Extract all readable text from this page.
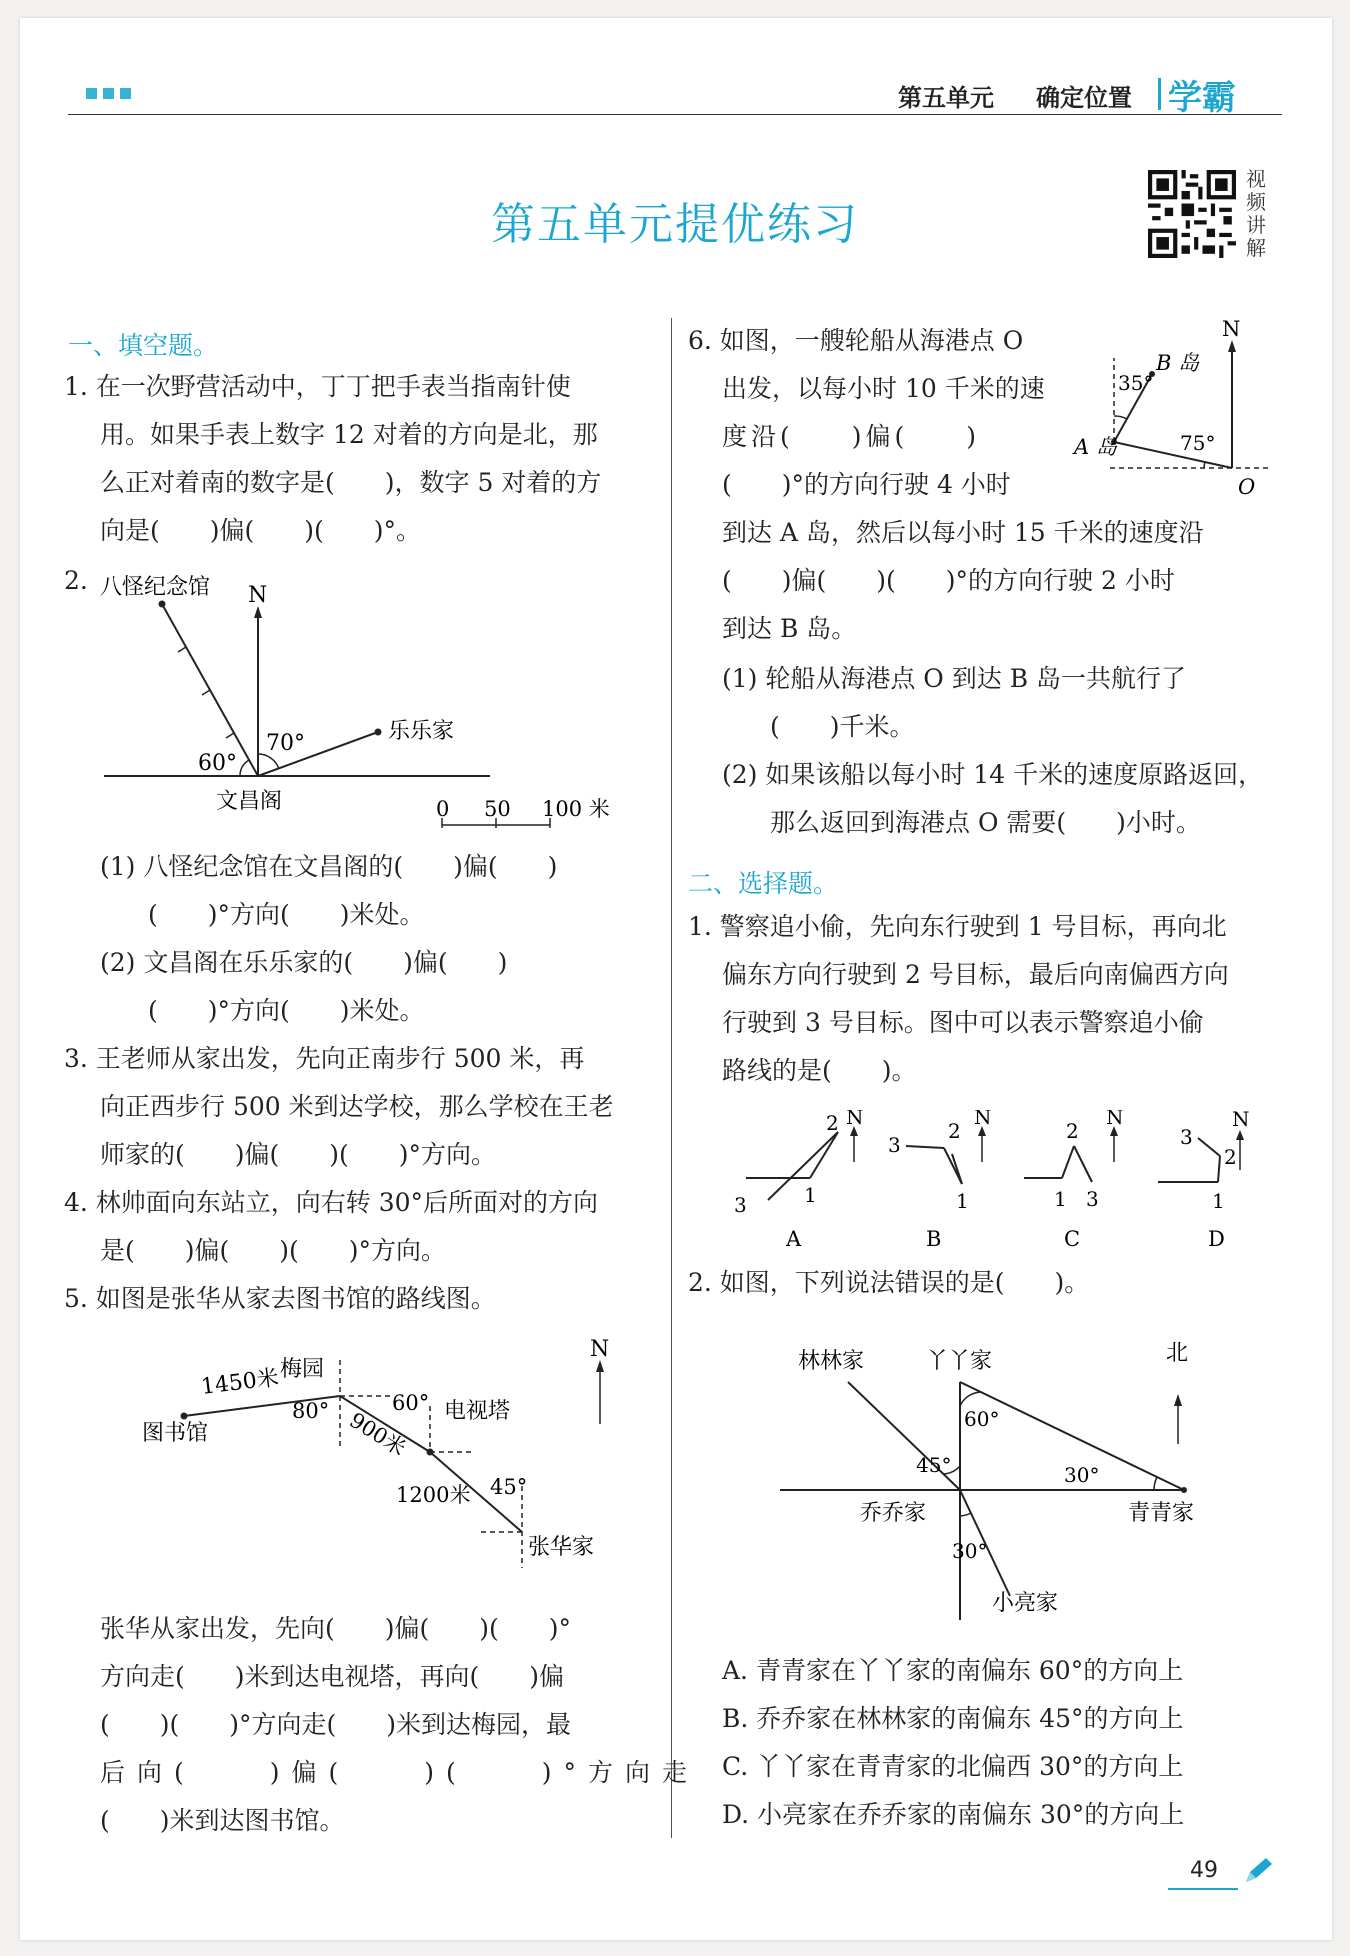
第五单元 确定位置 学霸
第五单元提优练习
视频讲解
一、填空题。
1. 在一次野营活动中，丁丁把手表当指南针使
用。如果手表上数字 12 对着的方向是北，那
么正对着南的数字是(　　)，数字 5 对着的方
向是(　　)偏(　　)(　　)°。
2. 八怪纪念馆 N
乐乐家
70°
60°
文昌阁	0 50 100 米
(1) 八怪纪念馆在文昌阁的(　　)偏(　　)
(　　)°方向(　　)米处。
(2) 文昌阁在乐乐家的(　　)偏(　　)
(　　)°方向(　　)米处。
3. 王老师从家出发，先向正南步行 500 米，再
向正西步行 500 米到达学校，那么学校在王老
师家的(　　)偏(　　)(　　)°方向。
4. 林帅面向东站立，向右转 30°后所面对的方向
是(　　)偏(　　)(　　)°方向。
5. 如图是张华从家去图书馆的路线图。
1450米 梅园
图书馆
80°	60° 电视塔
900米
1200米 45°
张华家
N
张华从家出发，先向(　　)偏(　　)(　　)°
方向走(　　)米到达电视塔，再向(　　)偏
(　　)(　　)°方向走(　　)米到达梅园，最
后向(　　)偏(　　)(　　)°方向走
(　　)米到达图书馆。
6. 如图，一艘轮船从海港点 O
出发，以每小时 10 千米的速
度沿(　　)偏(　　)
(　　)°的方向行驶 4 小时
到达 A 岛，然后以每小时 15 千米的速度沿
(　　)偏(　　)(　　)°的方向行驶 2 小时
到达 B 岛。
(1) 轮船从海港点 O 到达 B 岛一共航行了
(　　)千米。
(2) 如果该船以每小时 14 千米的速度原路返回，
那么返回到海港点 O 需要(　　)小时。
N
B 岛
35°
A 岛	75°
O
二、选择题。
1. 警察追小偷，先向东行驶到 1 号目标，再向北
偏东方向行驶到 2 号目标，最后向南偏西方向
行驶到 3 号目标。图中可以表示警察追小偷
路线的是(　　)。
N
2
1
3
A
N
2
3
1
B
N
2
1 3
C
N
3
2
1
D
2. 如图，下列说法错误的是(　　)。
林林家	丫丫家	北
60°
45°	30°
乔乔家	青青家
30°
小亮家
A. 青青家在丫丫家的南偏东 60°的方向上
B. 乔乔家在林林家的南偏东 45°的方向上
C. 丫丫家在青青家的北偏西 30°的方向上
D. 小亮家在乔乔家的南偏东 30°的方向上
49
